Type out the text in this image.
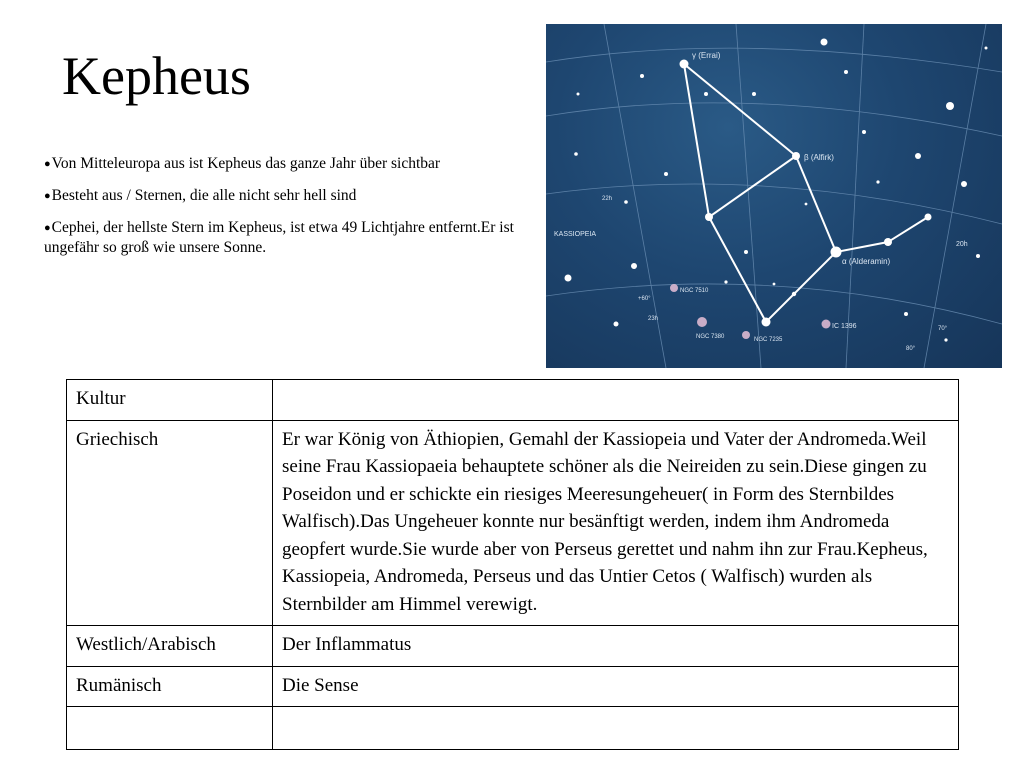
Kepheus

●Von Mitteleuropa aus ist Kepheus das ganze Jahr über sichtbar

●Besteht aus / Sternen, die alle nicht sehr hell sind

●Cephei, der hellste Stern im Kepheus, ist etwa 49 Lichtjahre entfernt.Er ist ungefähr so groß wie unsere Sonne.

γ (Errai)
β (Alfirk)
α (Alderamin)
KASSIOPEIA
NGC 7510
NGC 7380	NGC 7235
IC 1396
20h
+60°
70°
80°
23h
22h
Kultur	
Griechisch	Er war König von Äthiopien, Gemahl der Kassiopeia und Vater der Andromeda.Weil seine Frau Kassiopaeia behauptete schöner als die Neireiden zu sein.Diese gingen zu Poseidon und er schickte ein riesiges Meeresungeheuer( in Form des Sternbildes Walfisch).Das Ungeheuer konnte nur besänftigt werden, indem ihm Andromeda geopfert wurde.Sie wurde aber von Perseus gerettet und nahm ihn zur Frau.Kepheus, Kassiopeia, Andromeda, Perseus und das Untier Cetos ( Walfisch) wurden als Sternbilder am Himmel verewigt.
Westlich/Arabisch	Der Inflammatus
Rumänisch	Die Sense
